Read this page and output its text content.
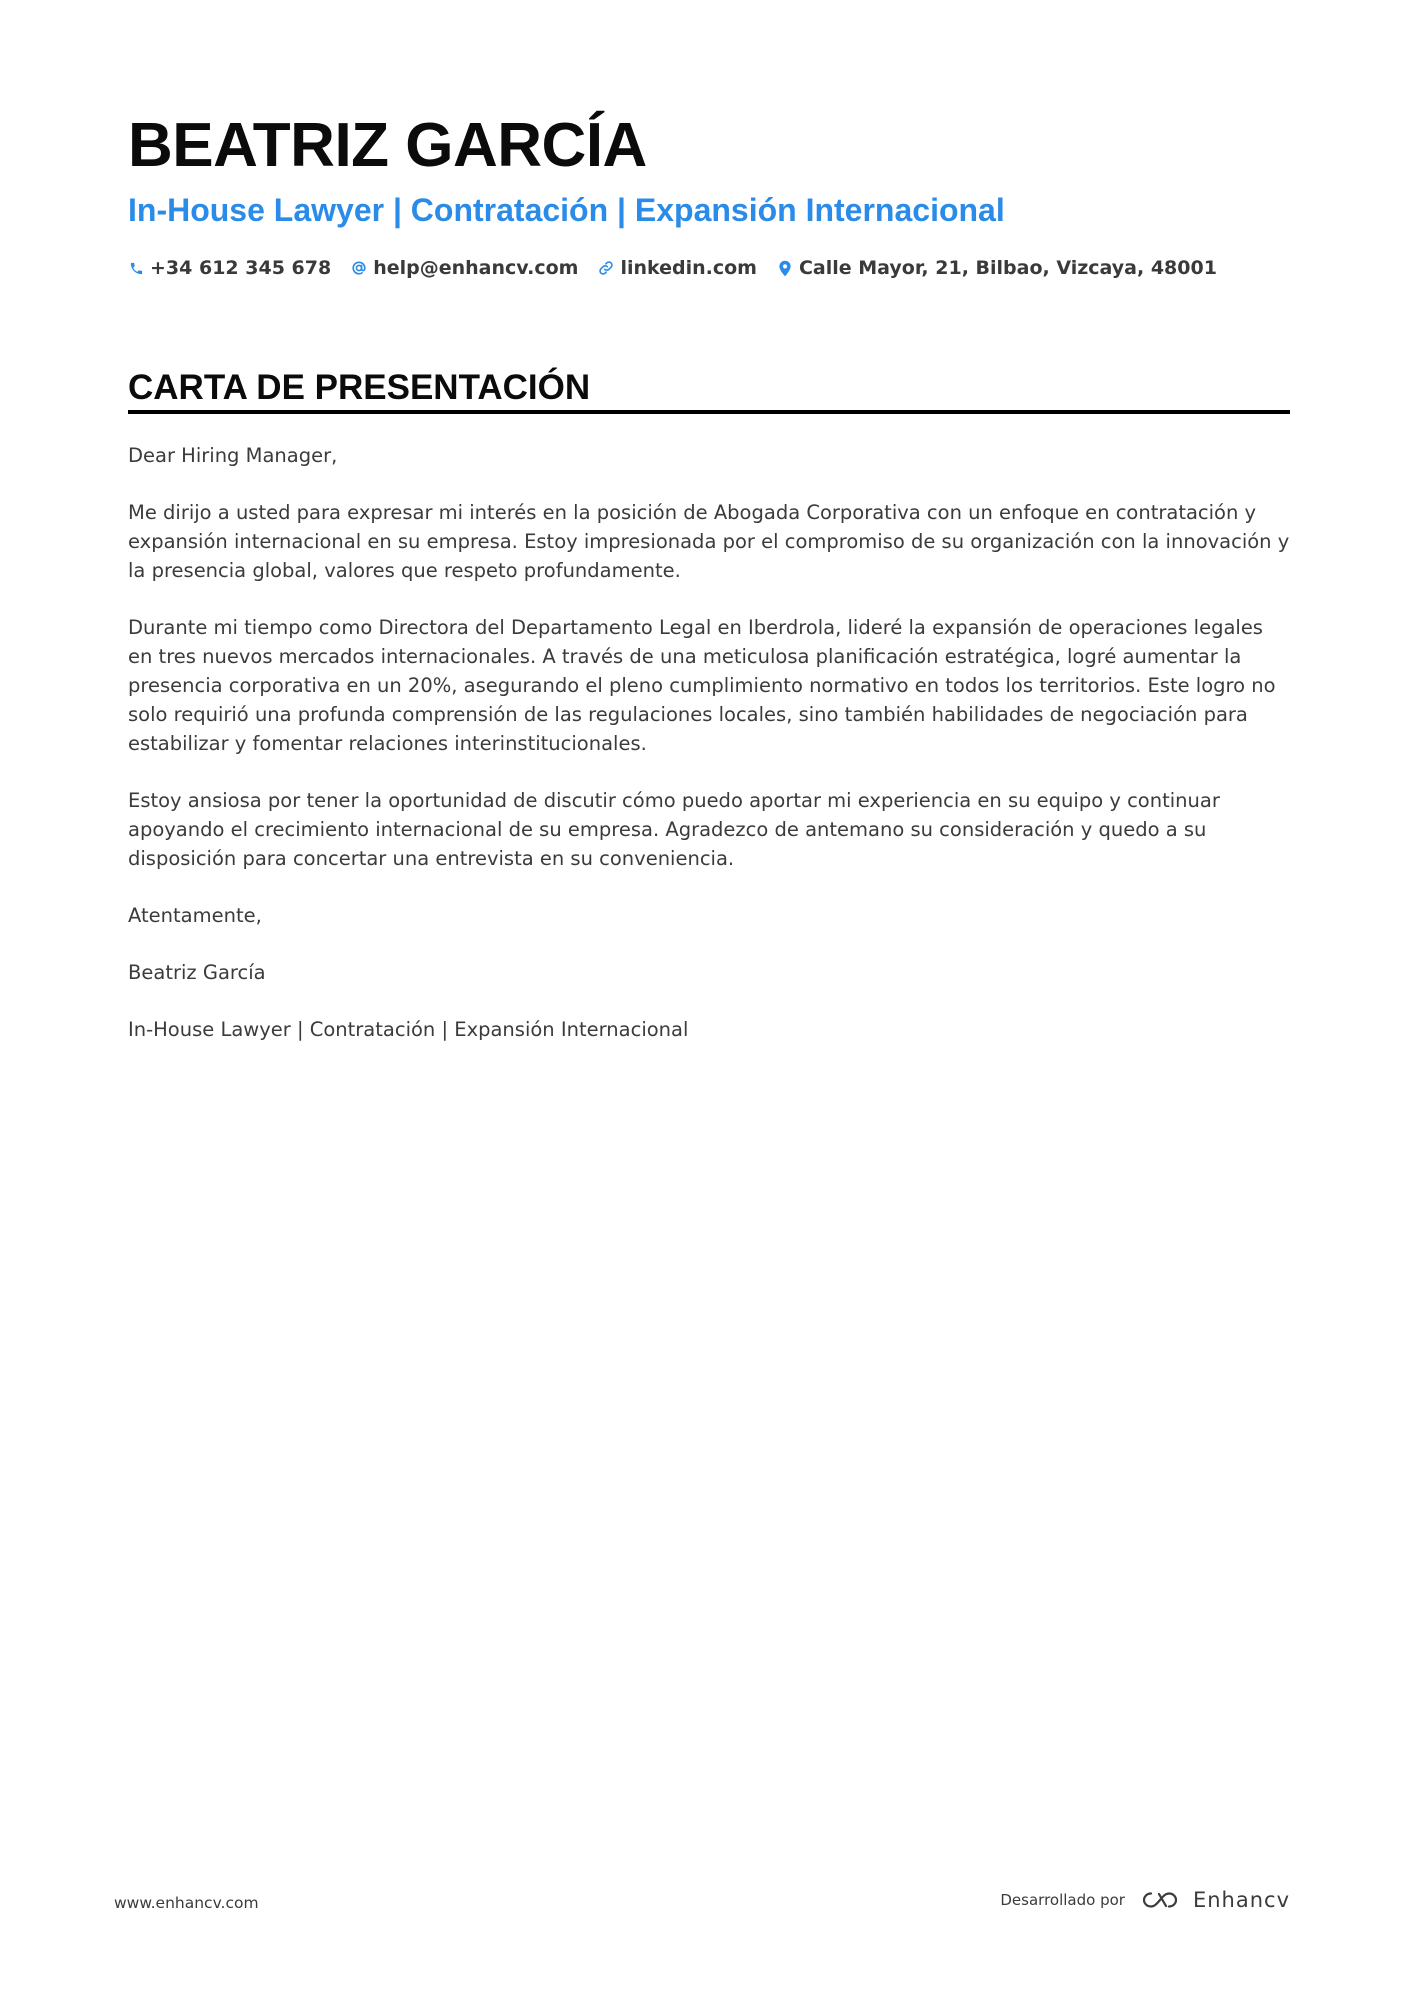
BEATRIZ GARCÍA
In-House Lawyer | Contratación | Expansión Internacional
+34 612 345 678 help@enhancv.com linkedin.com Calle Mayor, 21, Bilbao, Vizcaya, 48001
CARTA DE PRESENTACIÓN

Dear Hiring Manager,

Me dirijo a usted para expresar mi interés en la posición de Abogada Corporativa con un enfoque en contratación y expansión internacional en su empresa. Estoy impresionada por el compromiso de su organización con la innovación y la presencia global, valores que respeto profundamente.

Durante mi tiempo como Directora del Departamento Legal en Iberdrola, lideré la expansión de operaciones legales en tres nuevos mercados internacionales. A través de una meticulosa planificación estratégica, logré aumentar la presencia corporativa en un 20%, asegurando el pleno cumplimiento normativo en todos los territorios. Este logro no solo requirió una profunda comprensión de las regulaciones locales, sino también habilidades de negociación para estabilizar y fomentar relaciones interinstitucionales.

Estoy ansiosa por tener la oportunidad de discutir cómo puedo aportar mi experiencia en su equipo y continuar apoyando el crecimiento internacional de su empresa. Agradezco de antemano su consideración y quedo a su disposición para concertar una entrevista en su conveniencia.

Atentamente,

Beatriz García

In-House Lawyer | Contratación | Expansión Internacional

www.enhancv.com	Desarrollado por	Enhancv
